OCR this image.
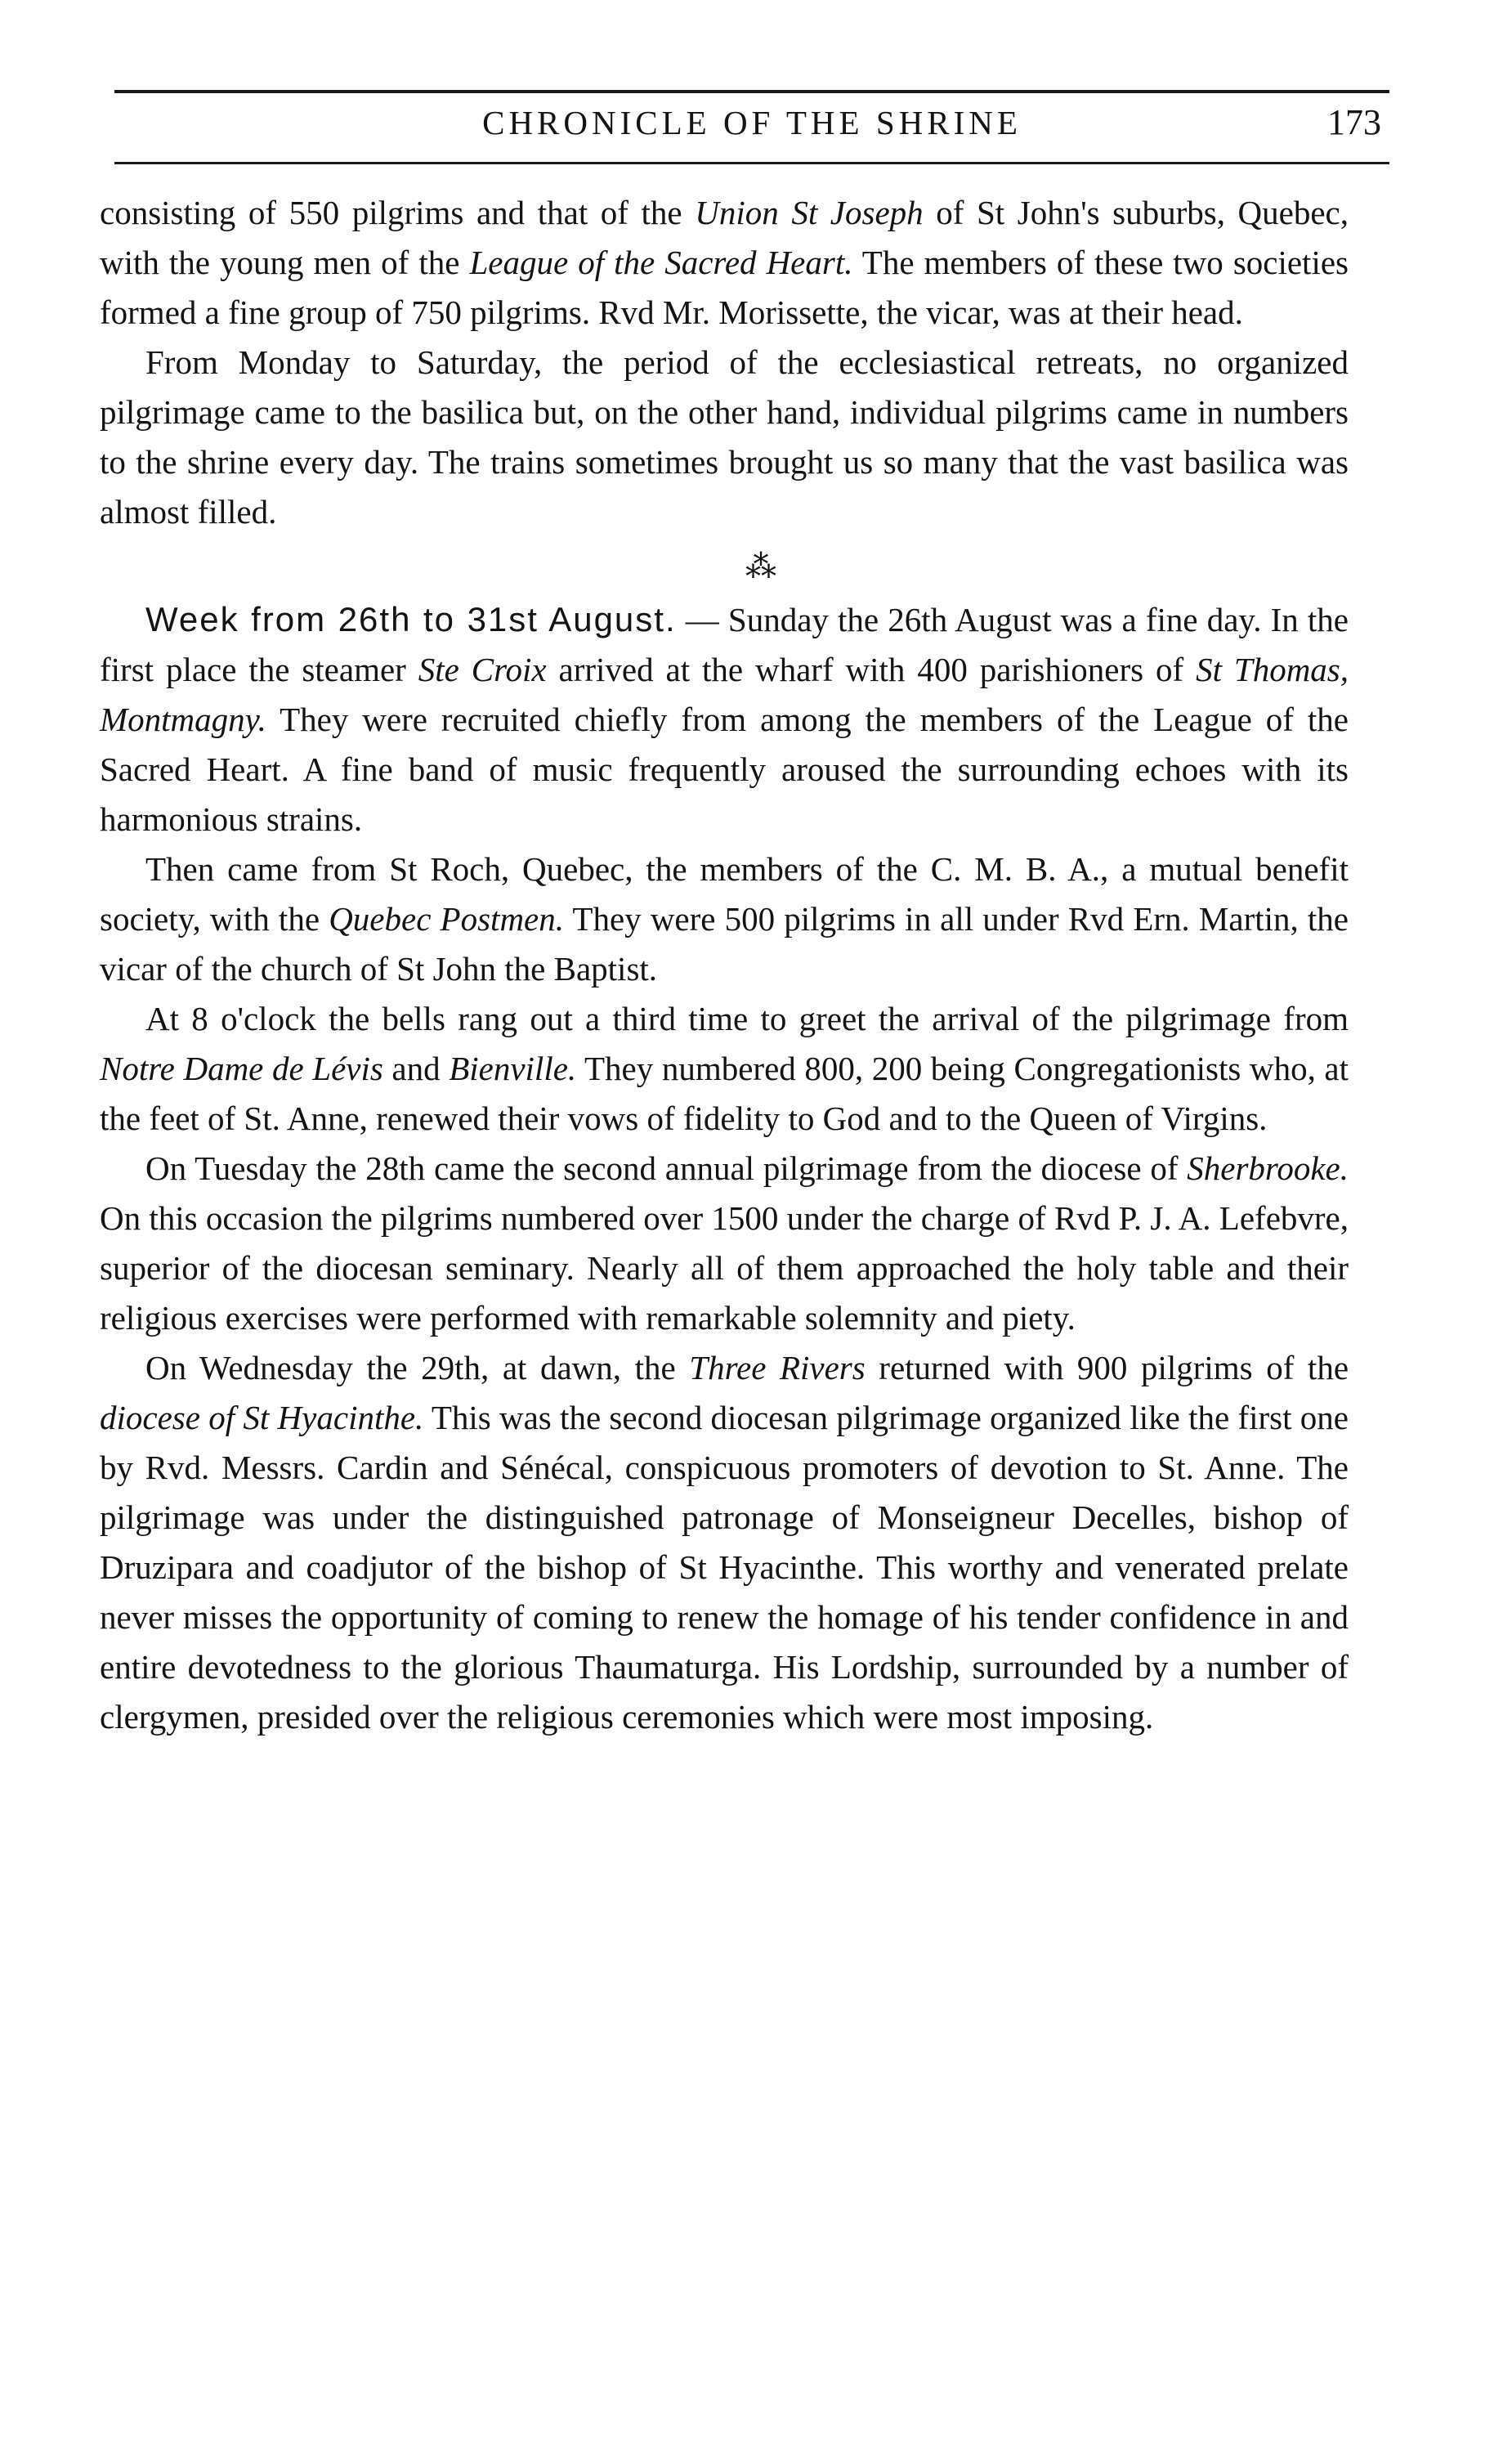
CHRONICLE OF THE SHRINE	173

consisting of 550 pilgrims and that of the Union St Joseph of St John's suburbs, Quebec, with the young men of the League of the Sacred Heart. The members of these two societies formed a fine group of 750 pilgrims. Rvd Mr. Morissette, the vicar, was at their head.

From Monday to Saturday, the period of the ecclesiastical retreats, no organized pilgrimage came to the basilica but, on the other hand, individual pilgrims came in numbers to the shrine every day. The trains sometimes brought us so many that the vast basilica was almost filled.

⁂

Week from 26th to 31st August. — Sunday the 26th August was a fine day. In the first place the steamer Ste Croix arrived at the wharf with 400 parishioners of St Thomas, Montmagny. They were recruited chiefly from among the members of the League of the Sacred Heart. A fine band of music frequently aroused the surrounding echoes with its harmonious strains.

Then came from St Roch, Quebec, the members of the C. M. B. A., a mutual benefit society, with the Quebec Postmen. They were 500 pilgrims in all under Rvd Ern. Martin, the vicar of the church of St John the Baptist.

At 8 o'clock the bells rang out a third time to greet the arrival of the pilgrimage from Notre Dame de Lévis and Bienville. They numbered 800, 200 being Congregationists who, at the feet of St. Anne, renewed their vows of fidelity to God and to the Queen of Virgins.

On Tuesday the 28th came the second annual pilgrimage from the diocese of Sherbrooke. On this occasion the pilgrims numbered over 1500 under the charge of Rvd P. J. A. Lefebvre, superior of the diocesan seminary. Nearly all of them approached the holy table and their religious exercises were performed with remarkable solemnity and piety.

On Wednesday the 29th, at dawn, the Three Rivers returned with 900 pilgrims of the diocese of St Hyacinthe. This was the second diocesan pilgrimage organized like the first one by Rvd. Messrs. Cardin and Sénécal, conspicuous promoters of devotion to St. Anne. The pilgrimage was under the distinguished patronage of Monseigneur Decelles, bishop of Druzipara and coadjutor of the bishop of St Hyacinthe. This worthy and venerated prelate never misses the opportunity of coming to renew the homage of his tender confidence in and entire devotedness to the glorious Thaumaturga. His Lordship, surrounded by a number of clergymen, presided over the religious ceremonies which were most imposing.
